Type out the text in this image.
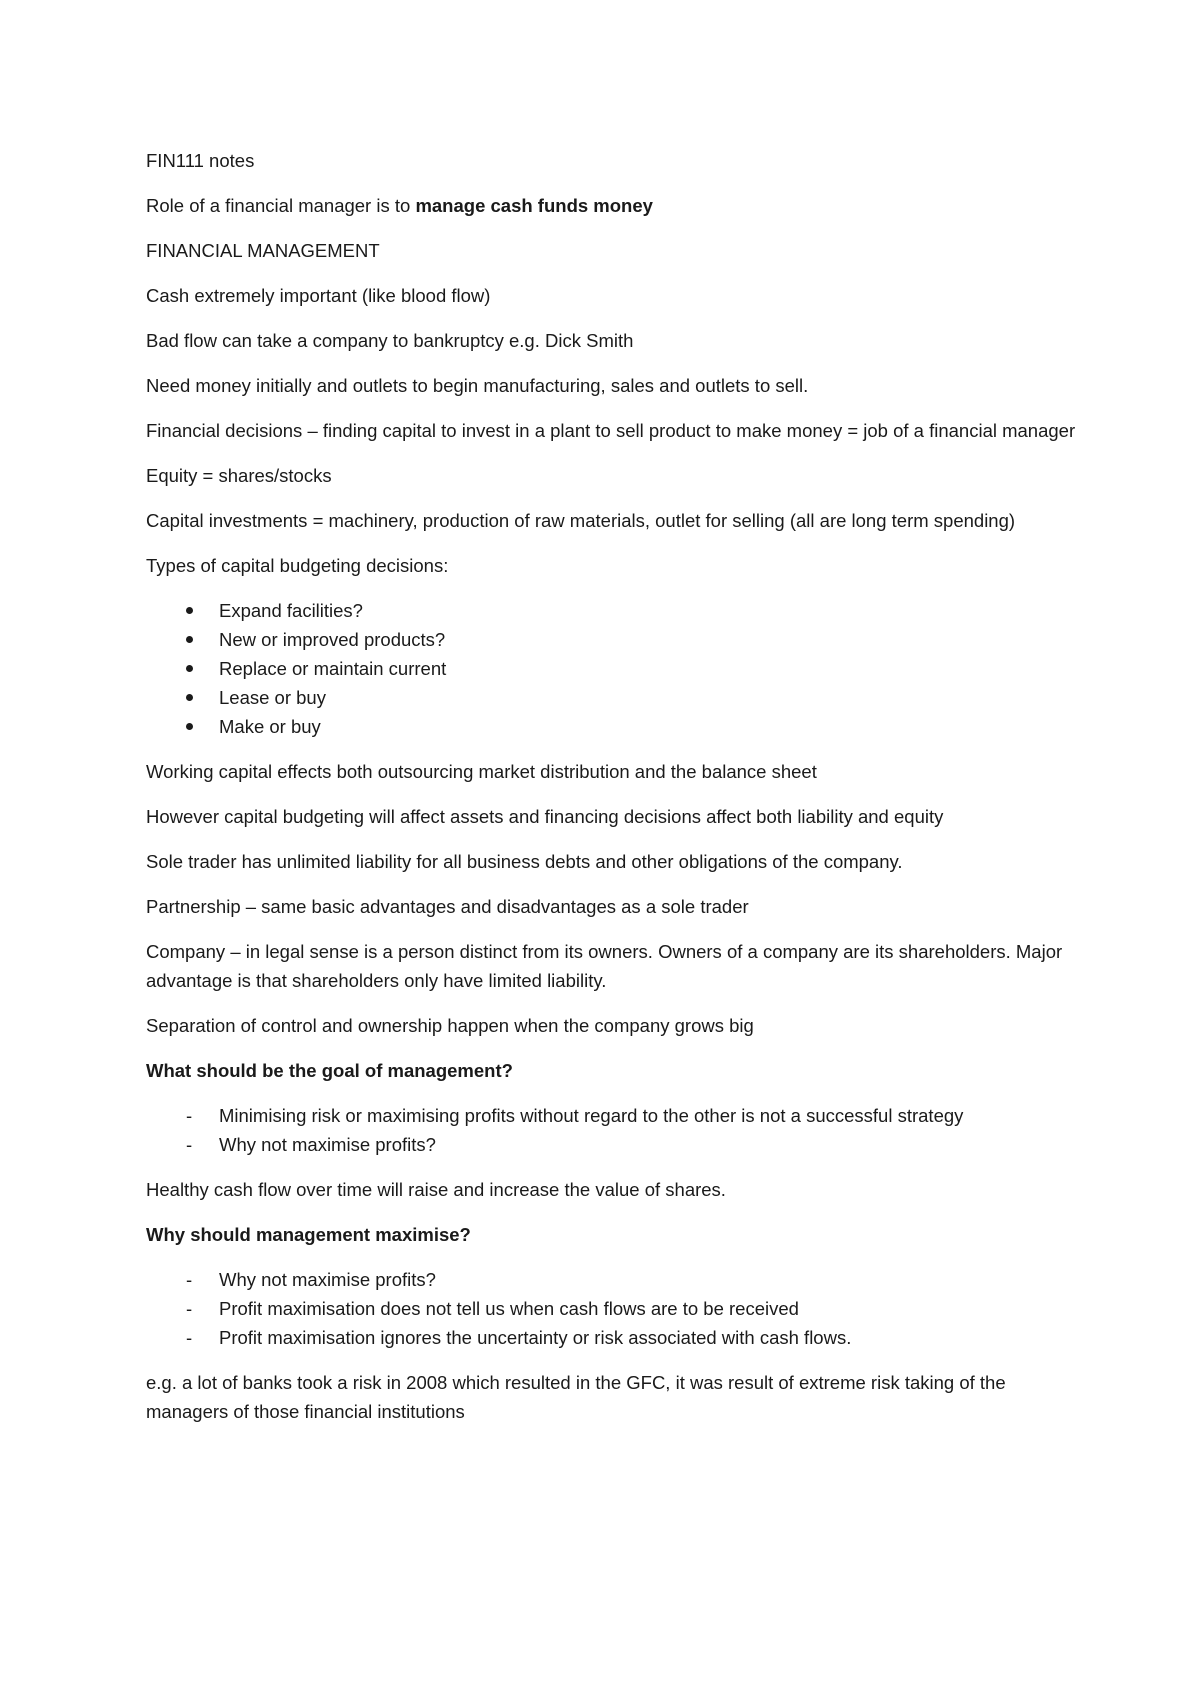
FIN111 notes

Role of a financial manager is to manage cash funds money

FINANCIAL MANAGEMENT

Cash extremely important (like blood flow)

Bad flow can take a company to bankruptcy e.g. Dick Smith

Need money initially and outlets to begin manufacturing, sales and outlets to sell.

Financial decisions – finding capital to invest in a plant to sell product to make money = job of a financial manager

Equity = shares/stocks

Capital investments = machinery, production of raw materials, outlet for selling (all are long term spending)

Types of capital budgeting decisions:

Expand facilities?
New or improved products?
Replace or maintain current
Lease or buy
Make or buy

Working capital effects both outsourcing market distribution and the balance sheet

However capital budgeting will affect assets and financing decisions affect both liability and equity

Sole trader has unlimited liability for all business debts and other obligations of the company.

Partnership – same basic advantages and disadvantages as a sole trader

Company – in legal sense is a person distinct from its owners. Owners of a company are its shareholders. Major advantage is that shareholders only have limited liability.

Separation of control and ownership happen when the company grows big

What should be the goal of management?

-	Minimising risk or maximising profits without regard to the other is not a successful strategy
-	Why not maximise profits?

Healthy cash flow over time will raise and increase the value of shares.

Why should management maximise?

-	Why not maximise profits?
-	Profit maximisation does not tell us when cash flows are to be received
-	Profit maximisation ignores the uncertainty or risk associated with cash flows.

e.g. a lot of banks took a risk in 2008 which resulted in the GFC, it was result of extreme risk taking of the managers of those financial institutions
